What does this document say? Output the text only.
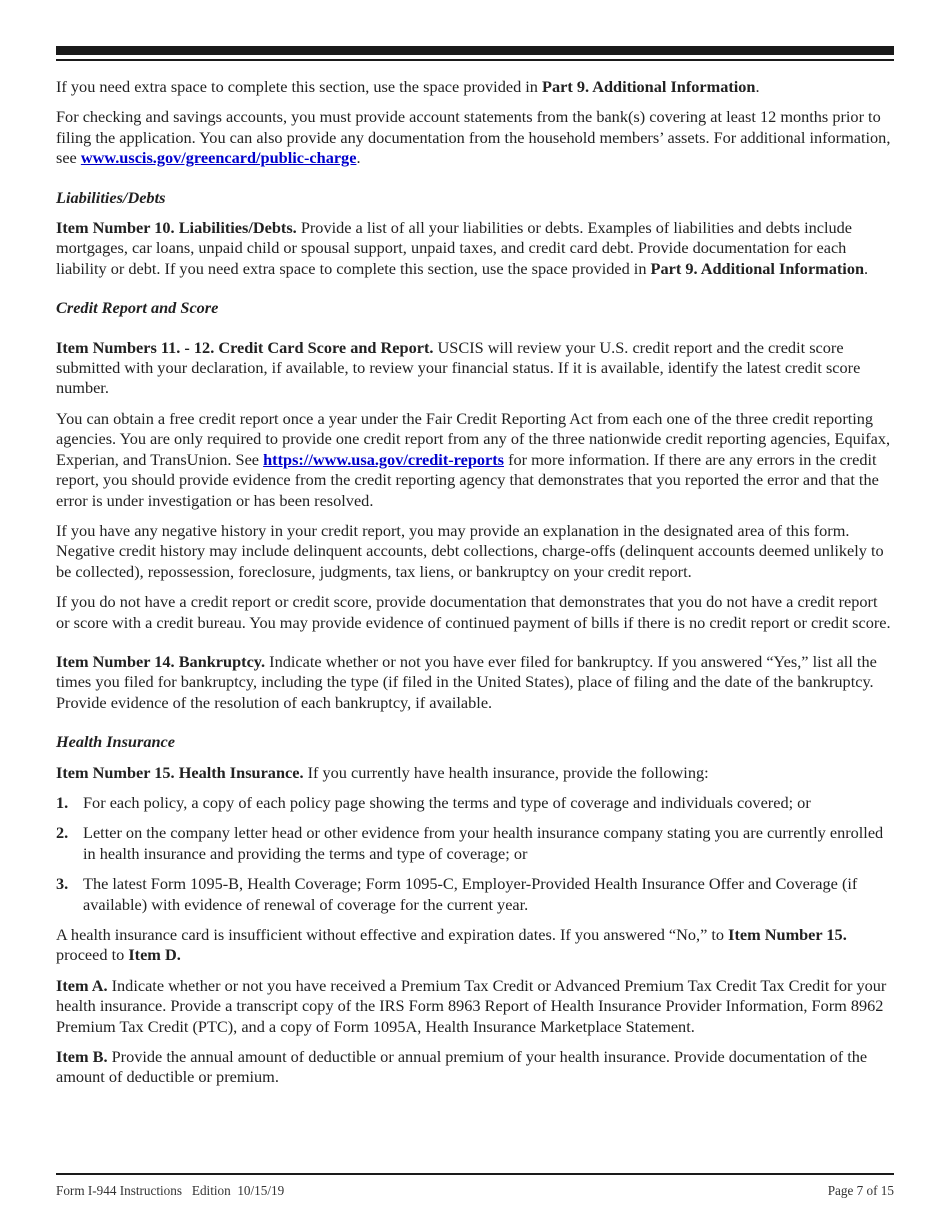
If you need extra space to complete this section, use the space provided in Part 9. Additional Information.

For checking and savings accounts, you must provide account statements from the bank(s) covering at least 12 months prior to filing the application. You can also provide any documentation from the household members’ assets. For additional information, see www.uscis.gov/greencard/public-charge.

Liabilities/Debts

Item Number 10. Liabilities/Debts. Provide a list of all your liabilities or debts. Examples of liabilities and debts include mortgages, car loans, unpaid child or spousal support, unpaid taxes, and credit card debt. Provide documentation for each liability or debt. If you need extra space to complete this section, use the space provided in Part 9. Additional Information.

Credit Report and Score

Item Numbers 11. - 12. Credit Card Score and Report. USCIS will review your U.S. credit report and the credit score submitted with your declaration, if available, to review your financial status. If it is available, identify the latest credit score number.

You can obtain a free credit report once a year under the Fair Credit Reporting Act from each one of the three credit reporting agencies. You are only required to provide one credit report from any of the three nationwide credit reporting agencies, Equifax, Experian, and TransUnion. See https://www.usa.gov/credit-reports for more information. If there are any errors in the credit report, you should provide evidence from the credit reporting agency that demonstrates that you reported the error and that the error is under investigation or has been resolved.

If you have any negative history in your credit report, you may provide an explanation in the designated area of this form. Negative credit history may include delinquent accounts, debt collections, charge-offs (delinquent accounts deemed unlikely to be collected), repossession, foreclosure, judgments, tax liens, or bankruptcy on your credit report.

If you do not have a credit report or credit score, provide documentation that demonstrates that you do not have a credit report or score with a credit bureau. You may provide evidence of continued payment of bills if there is no credit report or credit score.

Item Number 14. Bankruptcy. Indicate whether or not you have ever filed for bankruptcy. If you answered “Yes,” list all the times you filed for bankruptcy, including the type (if filed in the United States), place of filing and the date of the bankruptcy. Provide evidence of the resolution of each bankruptcy, if available.

Health Insurance

Item Number 15. Health Insurance. If you currently have health insurance, provide the following:

1. For each policy, a copy of each policy page showing the terms and type of coverage and individuals covered; or
2. Letter on the company letter head or other evidence from your health insurance company stating you are currently enrolled in health insurance and providing the terms and type of coverage; or
3. The latest Form 1095-B, Health Coverage; Form 1095-C, Employer-Provided Health Insurance Offer and Coverage (if available) with evidence of renewal of coverage for the current year.

A health insurance card is insufficient without effective and expiration dates. If you answered “No,” to Item Number 15. proceed to Item D.

Item A. Indicate whether or not you have received a Premium Tax Credit or Advanced Premium Tax Credit Tax Credit for your health insurance. Provide a transcript copy of the IRS Form 8963 Report of Health Insurance Provider Information, Form 8962 Premium Tax Credit (PTC), and a copy of Form 1095A, Health Insurance Marketplace Statement.

Item B. Provide the annual amount of deductible or annual premium of your health insurance. Provide documentation of the amount of deductible or premium.

Form I-944 Instructions   Edition  10/15/19	Page 7 of 15
